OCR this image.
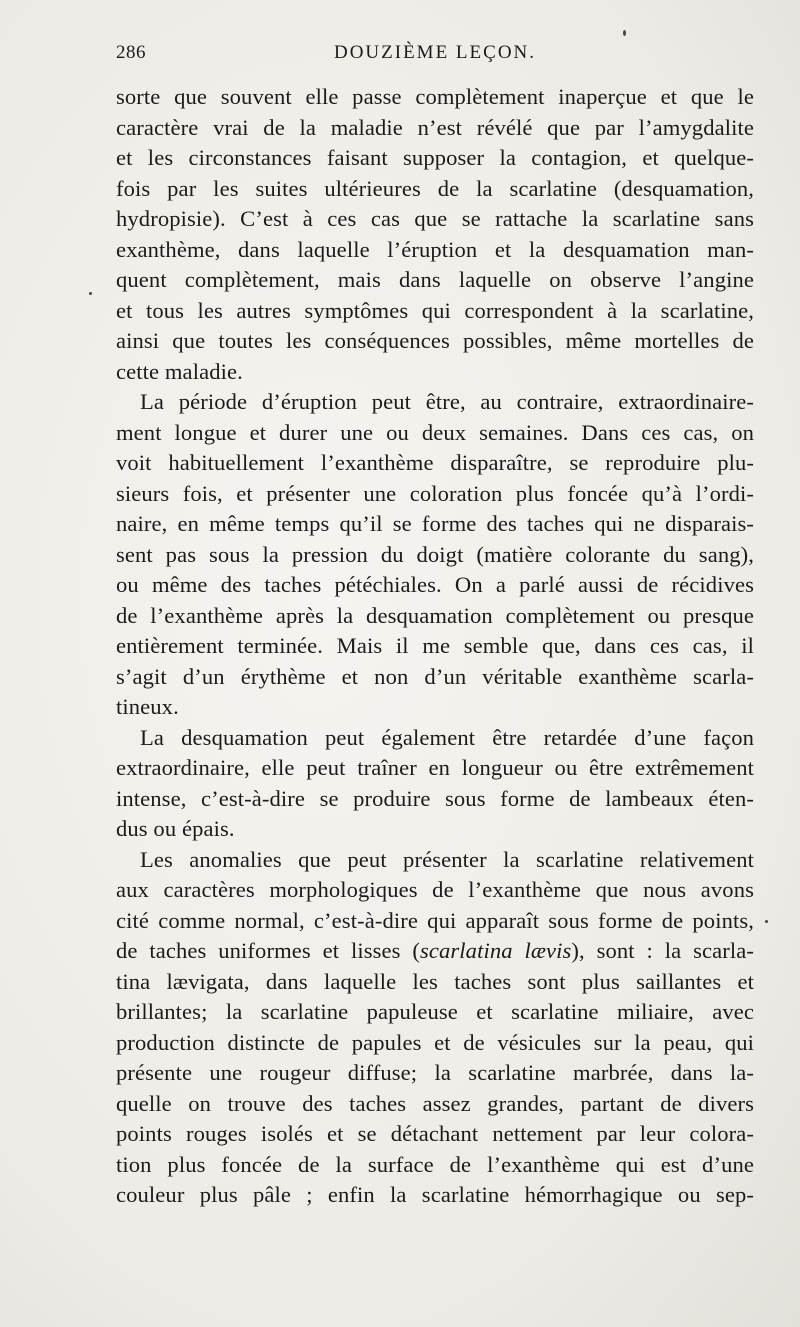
286	DOUZIÈME LEÇON.
sorte que souvent elle passe complètement inaperçue et que le
caractère vrai de la maladie n’est révélé que par l’amygdalite
et les circonstances faisant supposer la contagion, et quelque-
fois par les suites ultérieures de la scarlatine (desquamation,
hydropisie). C’est à ces cas que se rattache la scarlatine sans
exanthème, dans laquelle l’éruption et la desquamation man-
quent complètement, mais dans laquelle on observe l’angine
et tous les autres symptômes qui correspondent à la scarlatine,
ainsi que toutes les conséquences possibles, même mortelles de
cette maladie.
La période d’éruption peut être, au contraire, extraordinaire-
ment longue et durer une ou deux semaines. Dans ces cas, on
voit habituellement l’exanthème disparaître, se reproduire plu-
sieurs fois, et présenter une coloration plus foncée qu’à l’ordi-
naire, en même temps qu’il se forme des taches qui ne disparais-
sent pas sous la pression du doigt (matière colorante du sang),
ou même des taches pétéchiales. On a parlé aussi de récidives
de l’exanthème après la desquamation complètement ou presque
entièrement terminée. Mais il me semble que, dans ces cas, il
s’agit d’un érythème et non d’un véritable exanthème scarla-
tineux.
La desquamation peut également être retardée d’une façon
extraordinaire, elle peut traîner en longueur ou être extrêmement
intense, c’est-à-dire se produire sous forme de lambeaux éten-
dus ou épais.
Les anomalies que peut présenter la scarlatine relativement
aux caractères morphologiques de l’exanthème que nous avons
cité comme normal, c’est-à-dire qui apparaît sous forme de points,
de taches uniformes et lisses (scarlatina lævis), sont : la scarla-
tina lævigata, dans laquelle les taches sont plus saillantes et
brillantes; la scarlatine papuleuse et scarlatine miliaire, avec
production distincte de papules et de vésicules sur la peau, qui
présente une rougeur diffuse; la scarlatine marbrée, dans la-
quelle on trouve des taches assez grandes, partant de divers
points rouges isolés et se détachant nettement par leur colora-
tion plus foncée de la surface de l’exanthème qui est d’une
couleur plus pâle ; enfin la scarlatine hémorrhagique ou sep-
